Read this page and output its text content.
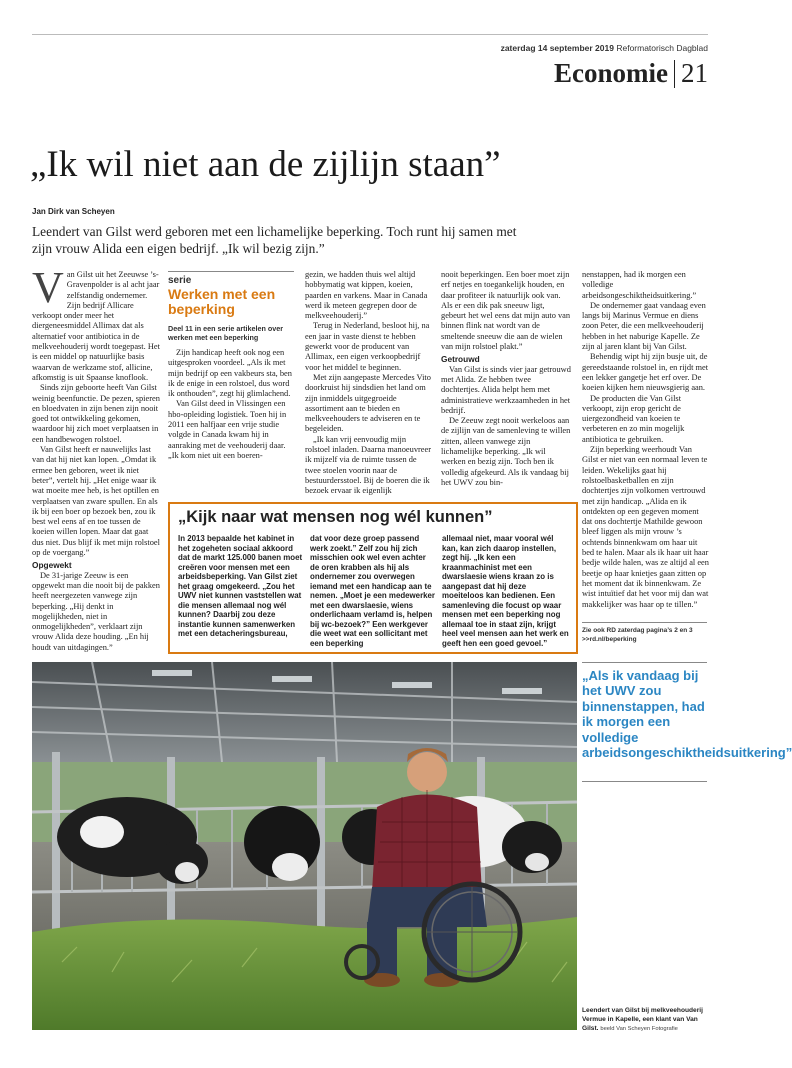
zaterdag 14 september 2019 Reformatorisch Dagblad
Economie 21
„Ik wil niet aan de zijlijn staan”
Jan Dirk van Scheyen
Leendert van Gilst werd geboren met een lichamelijke beperking. Toch runt hij samen met zijn vrouw Alida een eigen bedrijf. „Ik wil bezig zijn.”
V an Gilst uit het Zeeuwse ’s-Gravenpolder is al acht jaar zelfstandig ondernemer. Zijn bedrijf Allicare verkoopt onder meer het diergeneesmiddel Allimax dat als alternatief voor antibiotica in de melkveehouderij wordt toegepast. Het is een middel op natuurlijke basis waarvan de werkzame stof, allicine, afkomstig is uit Spaanse knoflook.

Sinds zijn geboorte heeft Van Gilst weinig beenfunctie. De pezen, spieren en bloedvaten in zijn benen zijn nooit goed tot ontwikkeling gekomen, waardoor hij zich moet verplaatsen in een handbewogen rolstoel.

Van Gilst heeft er nauwelijks last van dat hij niet kan lopen. „Omdat ik ermee ben geboren, weet ik niet beter”, vertelt hij. „Het enige waar ik wat moeite mee heb, is het optillen en verplaatsen van zware spullen. En als ik bij een boer op bezoek ben, zou ik best wel eens af en toe tussen de koeien willen lopen. Maar dat gaat dus niet. Dus blijf ik met mijn rolstoel op de voergang.”

Opgewekt

De 31-jarige Zeeuw is een opgewekt man die nooit bij de pakken heeft neergezeten vanwege zijn beperking. „Hij denkt in mogelijkheden, niet in onmogelijkheden”, verklaart zijn vrouw Alida deze houding. „En hij houdt van uitdagingen.”

serie
Werken met een beperking
Deel 11 in een serie artikelen over werken met een beperking

Zijn handicap heeft ook nog een uitgesproken voordeel. „Als ik met mijn bedrijf op een vakbeurs sta, ben ik de enige in een rolstoel, dus word ik onthouden”, zegt hij glimlachend.

Van Gilst deed in Vlissingen een hbo-opleiding logistiek. Toen hij in 2011 een halfjaar een vrije studie volgde in Canada kwam hij in aanraking met de veehouderij daar. „Ik kom niet uit een boeren-

gezin, we hadden thuis wel altijd hobbymatig wat kippen, koeien, paarden en varkens. Maar in Canada werd ik meteen gegrepen door de melkveehouderij.”

Terug in Nederland, besloot hij, na een jaar in vaste dienst te hebben gewerkt voor de producent van Allimax, een eigen verkoopbedrijf voor het middel te beginnen.

Met zijn aangepaste Mercedes Vito doorkruist hij sindsdien het land om zijn inmiddels uitgegroeide assortiment aan te bieden en melkveehouders te adviseren en te begeleiden.

„Ik kan vrij eenvoudig mijn rolstoel inladen. Daarna manoeuvreer ik mijzelf via de ruimte tussen de twee stoelen voorin naar de bestuurdersstoel. Bij de boeren die ik bezoek ervaar ik eigenlijk

nooit beperkingen. Een boer moet zijn erf netjes en toegankelijk houden, en daar profiteer ik natuurlijk ook van. Als er een dik pak sneeuw ligt, gebeurt het wel eens dat mijn auto van binnen flink nat wordt van de smeltende sneeuw die aan de wielen van mijn rolstoel plakt.”

Getrouwd

Van Gilst is sinds vier jaar getrouwd met Alida. Ze hebben twee dochtertjes. Alida helpt hem met administratieve werkzaamheden in het bedrijf.

De Zeeuw zegt nooit werkeloos aan de zijlijn van de samenleving te willen zitten, alleen vanwege zijn lichamelijke beperking. „Ik wil werken en bezig zijn. Toch ben ik volledig afgekeurd. Als ik vandaag bij het UWV zou bin-

nenstappen, had ik morgen een volledige arbeidsongeschiktheidsuitkering.”

De ondernemer gaat vandaag even langs bij Marinus Vermue en diens zoon Peter, die een melkveehouderij hebben in het naburige Kapelle. Ze zijn al jaren klant bij Van Gilst.

Behendig wipt hij zijn busje uit, de gereedstaande rolstoel in, en rijdt met een lekker gangetje het erf over. De koeien kijken hem nieuwsgierig aan.

De producten die Van Gilst verkoopt, zijn erop gericht de uiergezondheid van koeien te verbeteren en zo min mogelijk antibiotica te gebruiken.

Zijn beperking weerhoudt Van Gilst er niet van een normaal leven te leiden. Wekelijks gaat hij rolstoelbasketballen en zijn dochtertjes zijn volkomen vertrouwd met zijn handicap. „Alida en ik ontdekten op een gegeven moment dat ons dochtertje Mathilde gewoon bleef liggen als mijn vrouw ’s ochtends binnenkwam om haar uit bed te halen. Maar als ik haar uit haar bedje wilde halen, was ze altijd al een beetje op haar knietjes gaan zitten op het moment dat ik binnenkwam. Ze wist intuïtief dat het voor mij dan wat makkelijker was haar op te tillen.”

„Kijk naar wat mensen nog wél kunnen”
In 2013 bepaalde het kabinet in het zogeheten sociaal akkoord dat de markt 125.000 banen moet creëren voor mensen met een arbeidsbeperking. Van Gilst ziet het graag omgekeerd. „Zou het UWV niet kunnen vaststellen wat die mensen allemaal nog wél kunnen? Daarbij zou deze instantie kunnen samenwerken met een detacheringsbureau,
dat voor deze groep passend werk zoekt.” Zelf zou hij zich misschien ook wel even achter de oren krabben als hij als ondernemer zou overwegen iemand met een handicap aan te nemen. „Moet je een medewerker met een dwarslaesie, wiens onderlichaam verlamd is, helpen bij wc-bezoek?” Een werkgever die weet wat een sollicitant met een beperking
allemaal niet, maar vooral wél kan, kan zich daarop instellen, zegt hij. „Ik ken een kraanmachinist met een dwarslaesie wiens kraan zo is aangepast dat hij deze moeiteloos kan bedienen. Een samenleving die focust op waar mensen met een beperking nog allemaal toe in staat zijn, krijgt heel veel mensen aan het werk en geeft hen een goed gevoel.”
Zie ook RD zaterdag pagina’s 2 en 3
>>rd.nl/beperking
„Als ik vandaag bij het UWV zou binnenstappen, had ik morgen een volledige arbeidsongeschiktheidsuitkering”
Leendert van Gilst bij melkveehouderij Vermue in Kapelle, een klant van Van Gilst. beeld Van Scheyen Fotografie
